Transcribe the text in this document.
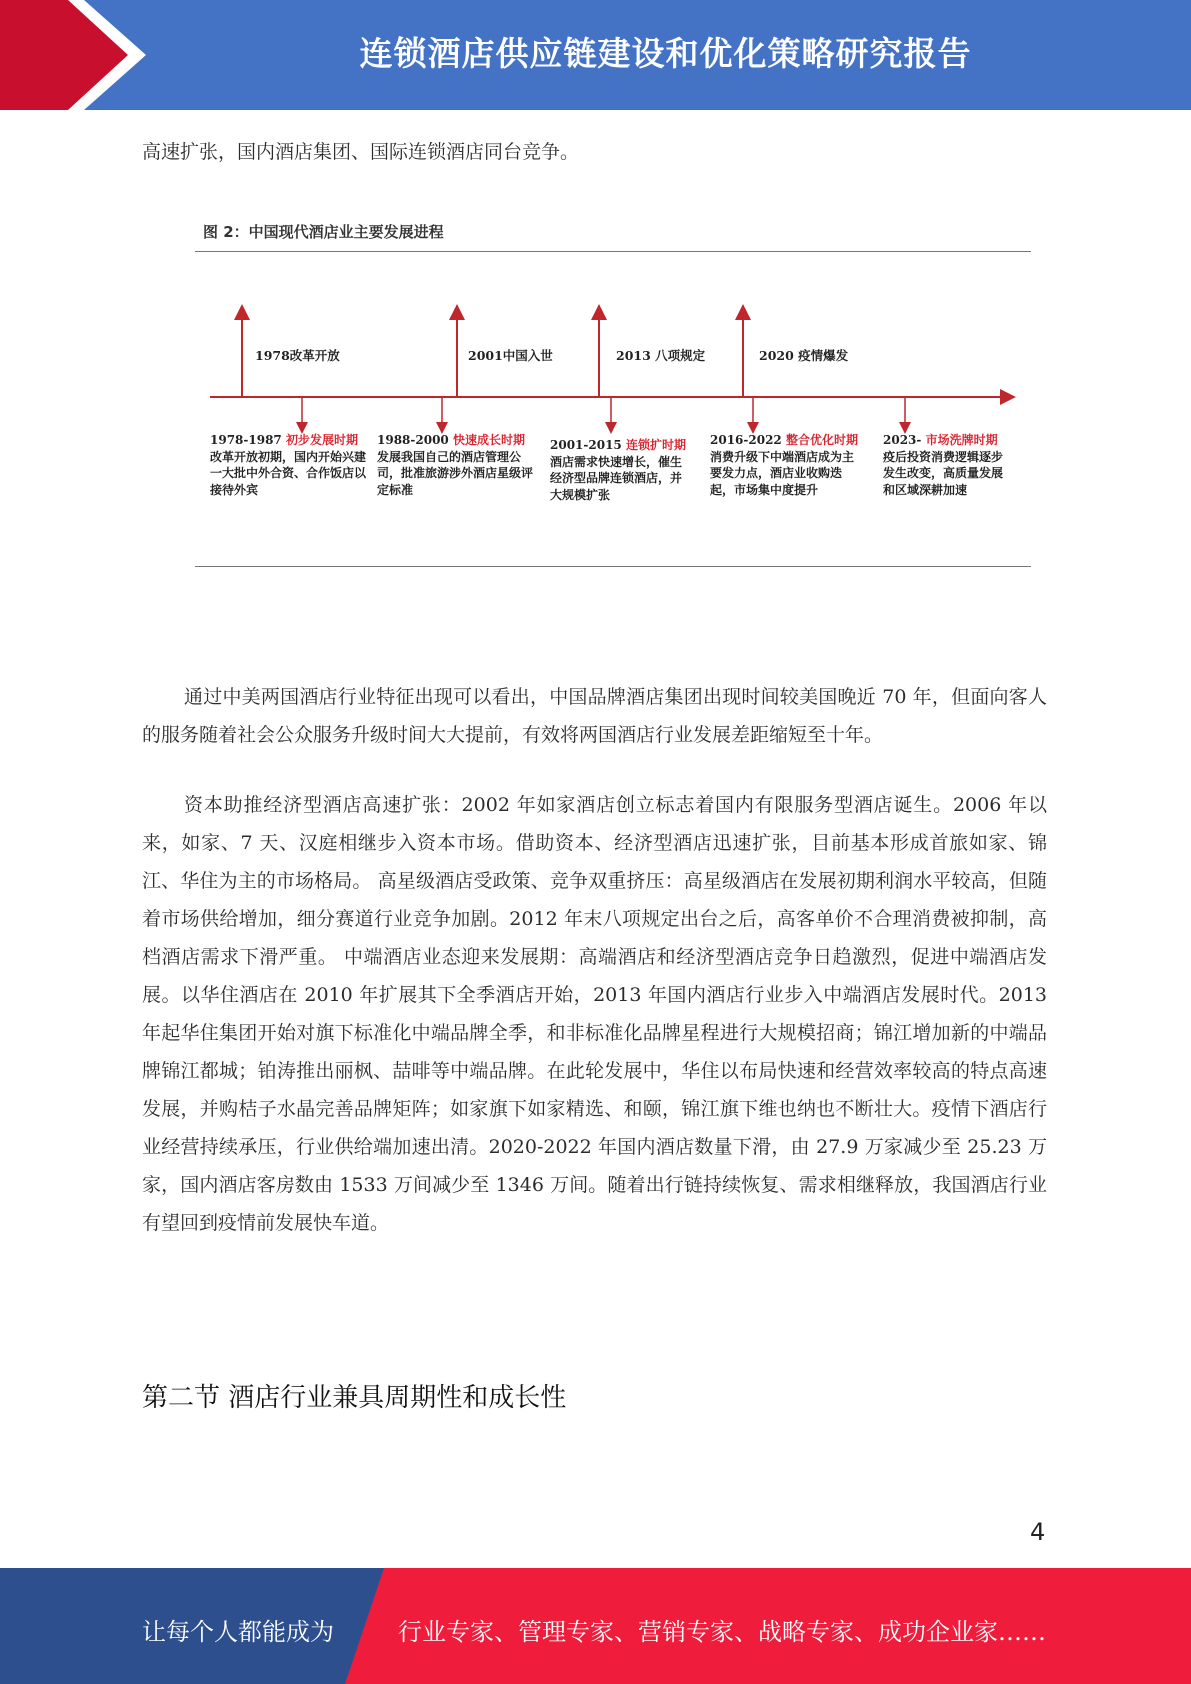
连锁酒店供应链建设和优化策略研究报告

高速扩张，国内酒店集团、国际连锁酒店同台竞争。

图 2：中国现代酒店业主要发展进程
1978改革开放	2001中国入世	2013 八项规定	2020 疫情爆发
1978-1987 初步发展时期
改革开放初期，国内开始兴建一大批中外合资、合作饭店以接待外宾
1988-2000 快速成长时期
发展我国自己的酒店管理公司，批准旅游涉外酒店星级评定标准
2001-2015 连锁扩时期
酒店需求快速增长，催生经济型品牌连锁酒店，并大规模扩张
2016-2022 整合优化时期
消费升级下中端酒店成为主要发力点，酒店业收购迭起，市场集中度提升
2023- 市场洗牌时期
疫后投资消费逻辑逐步发生改变，高质量发展和区域深耕加速

通过中美两国酒店行业特征出现可以看出，中国品牌酒店集团出现时间较美国晚近 70 年，但面向客人的服务随着社会公众服务升级时间大大提前，有效将两国酒店行业发展差距缩短至十年。

资本助推经济型酒店高速扩张：2002 年如家酒店创立标志着国内有限服务型酒店诞生。2006 年以来，如家、7 天、汉庭相继步入资本市场。借助资本、经济型酒店迅速扩张，目前基本形成首旅如家、锦江、华住为主的市场格局。 高星级酒店受政策、竞争双重挤压：高星级酒店在发展初期利润水平较高，但随着市场供给增加，细分赛道行业竞争加剧。2012 年末八项规定出台之后，高客单价不合理消费被抑制，高档酒店需求下滑严重。 中端酒店业态迎来发展期：高端酒店和经济型酒店竞争日趋激烈，促进中端酒店发展。以华住酒店在 2010 年扩展其下全季酒店开始，2013 年国内酒店行业步入中端酒店发展时代。2013 年起华住集团开始对旗下标准化中端品牌全季，和非标准化品牌星程进行大规模招商；锦江增加新的中端品牌锦江都城；铂涛推出丽枫、喆啡等中端品牌。在此轮发展中，华住以布局快速和经营效率较高的特点高速发展，并购桔子水晶完善品牌矩阵；如家旗下如家精选、和颐，锦江旗下维也纳也不断壮大。疫情下酒店行业经营持续承压，行业供给端加速出清。2020-2022 年国内酒店数量下滑，由 27.9 万家减少至 25.23 万家，国内酒店客房数由 1533 万间减少至 1346 万间。随着出行链持续恢复、需求相继释放，我国酒店行业有望回到疫情前发展快车道。

第二节 酒店行业兼具周期性和成长性
4
让每个人都能成为	行业专家、管理专家、营销专家、战略专家、成功企业家……
